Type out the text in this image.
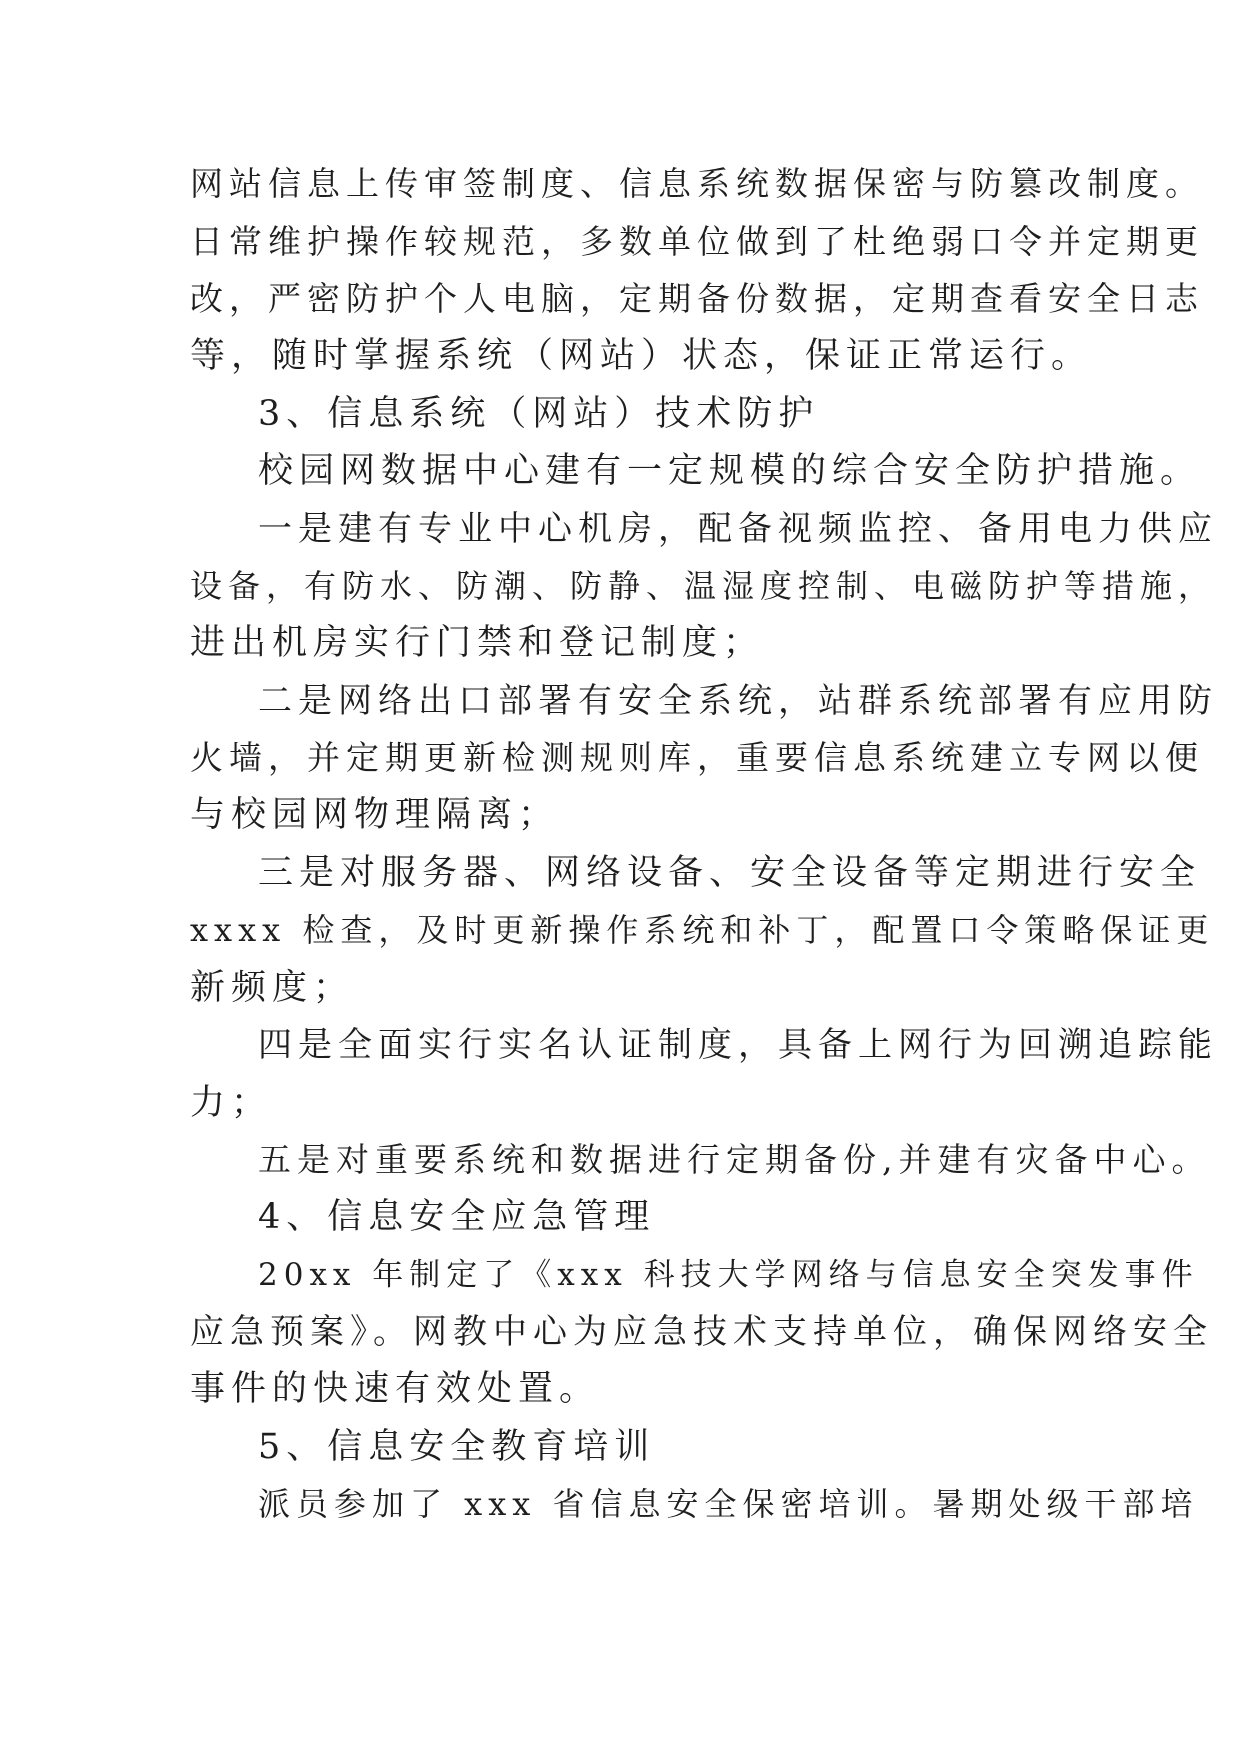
网站信息上传审签制度、信息系统数据保密与防篡改制度。
日常维护操作较规范，多数单位做到了杜绝弱口令并定期更
改，严密防护个人电脑，定期备份数据，定期查看安全日志
等，随时掌握系统（网站）状态，保证正常运行。
3、信息系统（网站）技术防护
校园网数据中心建有一定规模的综合安全防护措施。
一是建有专业中心机房，配备视频监控、备用电力供应
设备，有防水、防潮、防静、温湿度控制、电磁防护等措施，
进出机房实行门禁和登记制度；
二是网络出口部署有安全系统，站群系统部署有应用防
火墙，并定期更新检测规则库，重要信息系统建立专网以便
与校园网物理隔离；
三是对服务器、网络设备、安全设备等定期进行安全
xxxx 检查，及时更新操作系统和补丁，配置口令策略保证更
新频度；
四是全面实行实名认证制度，具备上网行为回溯追踪能
力；
五是对重要系统和数据进行定期备份,并建有灾备中心。
4、信息安全应急管理
20xx 年制定了《xxx 科技大学网络与信息安全突发事件
应急预案》。网教中心为应急技术支持单位，确保网络安全
事件的快速有效处置。
5、信息安全教育培训
派员参加了 xxx 省信息安全保密培训。暑期处级干部培
